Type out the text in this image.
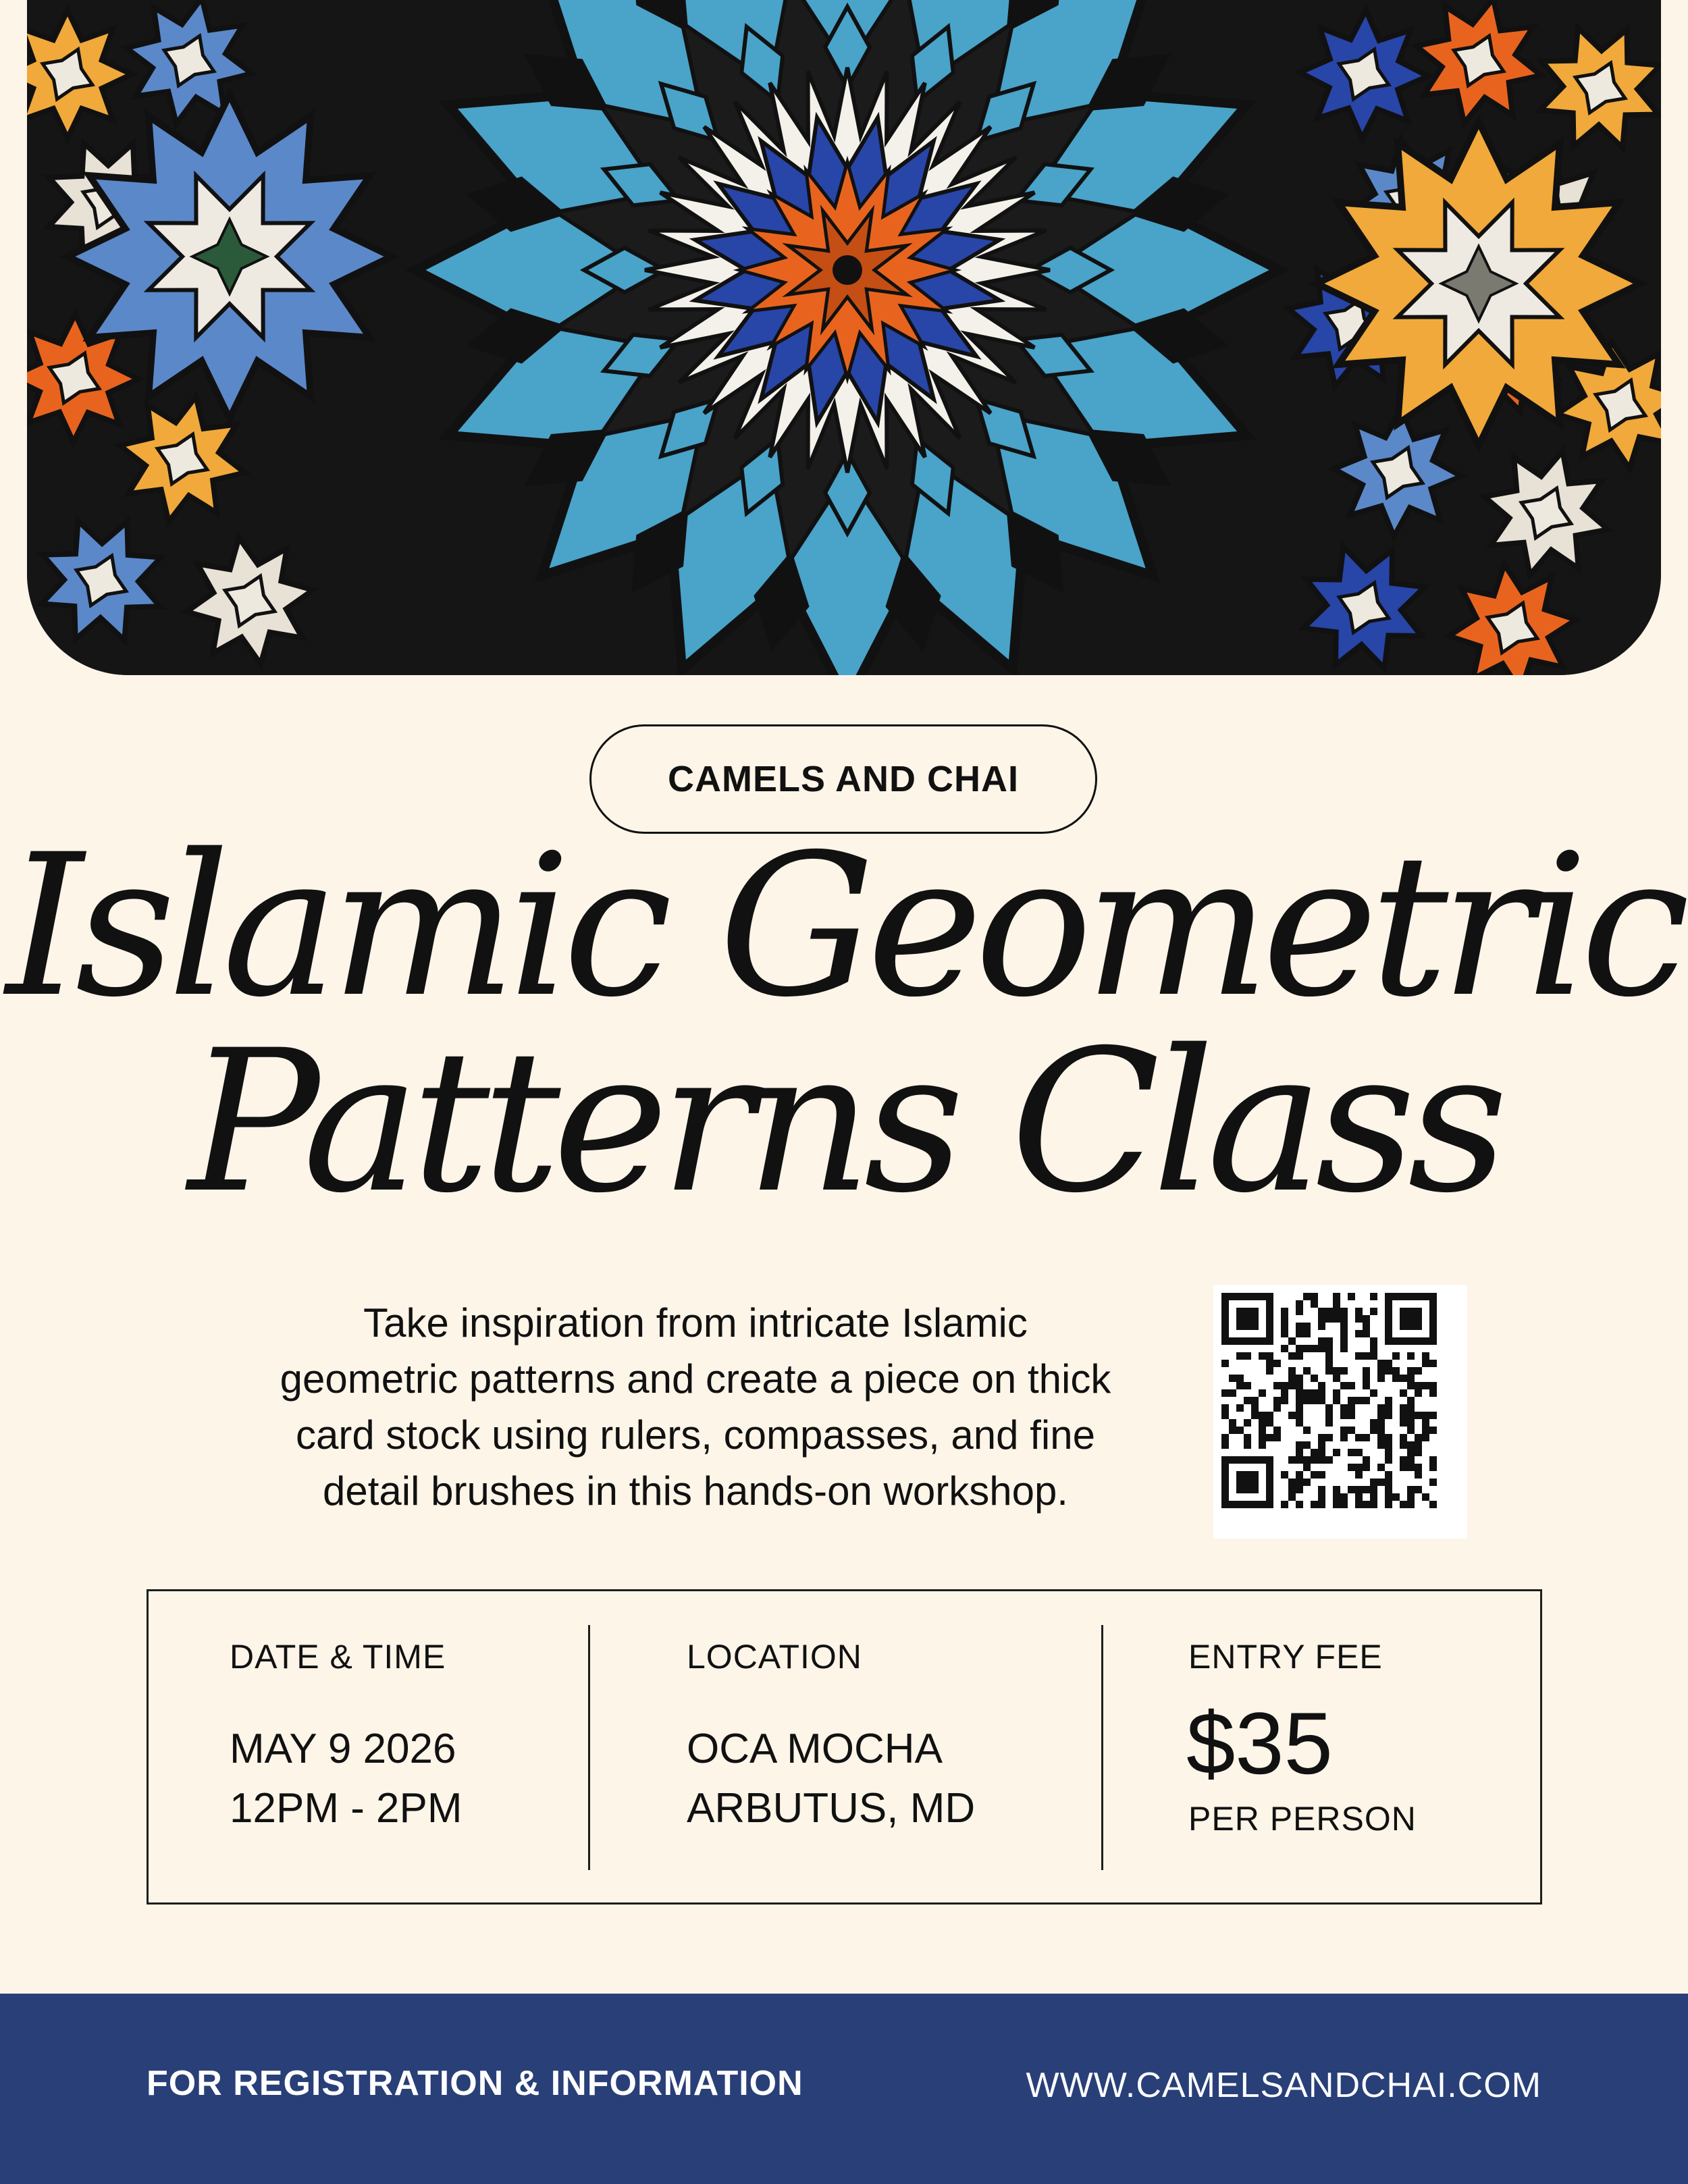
CAMELS AND CHAI
Islamic Geometric
Patterns Class
Take inspiration from intricate Islamic
geometric patterns and create a piece on thick
card stock using rulers, compasses, and fine
detail brushes in this hands-on workshop.
DATE & TIME
MAY 9 2026
12PM - 2PM
LOCATION
OCA MOCHA
ARBUTUS, MD
ENTRY FEE
$35
PER PERSON
FOR REGISTRATION & INFORMATION	WWW.CAMELSANDCHAI.COM
